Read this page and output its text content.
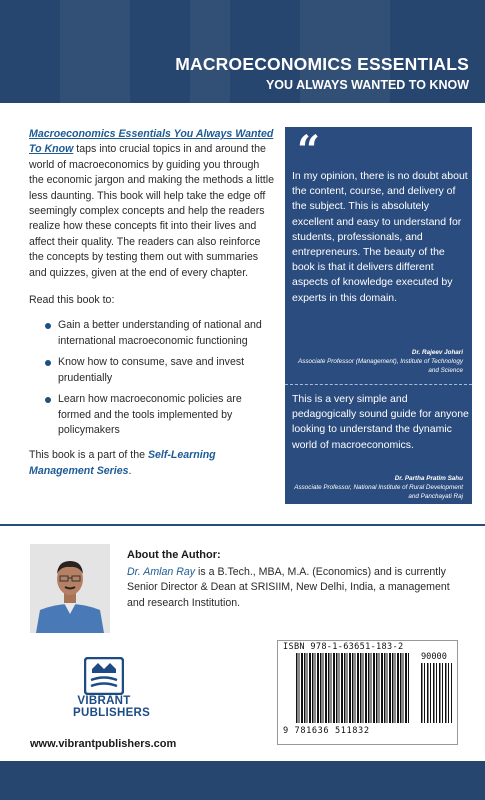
MACROECONOMICS ESSENTIALS
YOU ALWAYS WANTED TO KNOW

Macroeconomics Essentials You Always Wanted
To Know taps into crucial topics in and around the world of macroeconomics by guiding you through the economic jargon and making the methods a little less daunting. This book will help take the edge off seemingly complex concepts and help the readers realize how these concepts fit into their lives and affect their quality. The readers can also reinforce the concepts by testing them out with summaries and quizzes, given at the end of every chapter.

Read this book to:

Gain a better understanding of national and international macroeconomic functioning
Know how to consume, save and invest prudentially
Learn how macroeconomic policies are formed and the tools implemented by policymakers

This book is a part of the Self-Learning Management Series.

“
In my opinion, there is no doubt about the content, course, and delivery of the subject. This is absolutely excellent and easy to understand for students, professionals, and entrepreneurs. The beauty of the book is that it delivers different aspects of knowledge executed by experts in this domain.
Dr. Rajeev Johari
Associate Professor (Management), Institute of Technology and Science
This is a very simple and pedagogically sound guide for anyone looking to understand the dynamic world of macroeconomics.
Dr. Partha Pratim Sahu
Associate Professor, National Institute of Rural Development and Panchayati Raj
About the Author:
Dr. Amlan Ray is a B.Tech., MBA, M.A. (Economics) and is currently Senior Director & Dean at SRISIIM, New Delhi, India, a management and research Institution.
VIBRANT
PUBLISHERS
www.vibrantpublishers.com
ISBN 978-1-63651-183-2
9 781636 511832
90000
